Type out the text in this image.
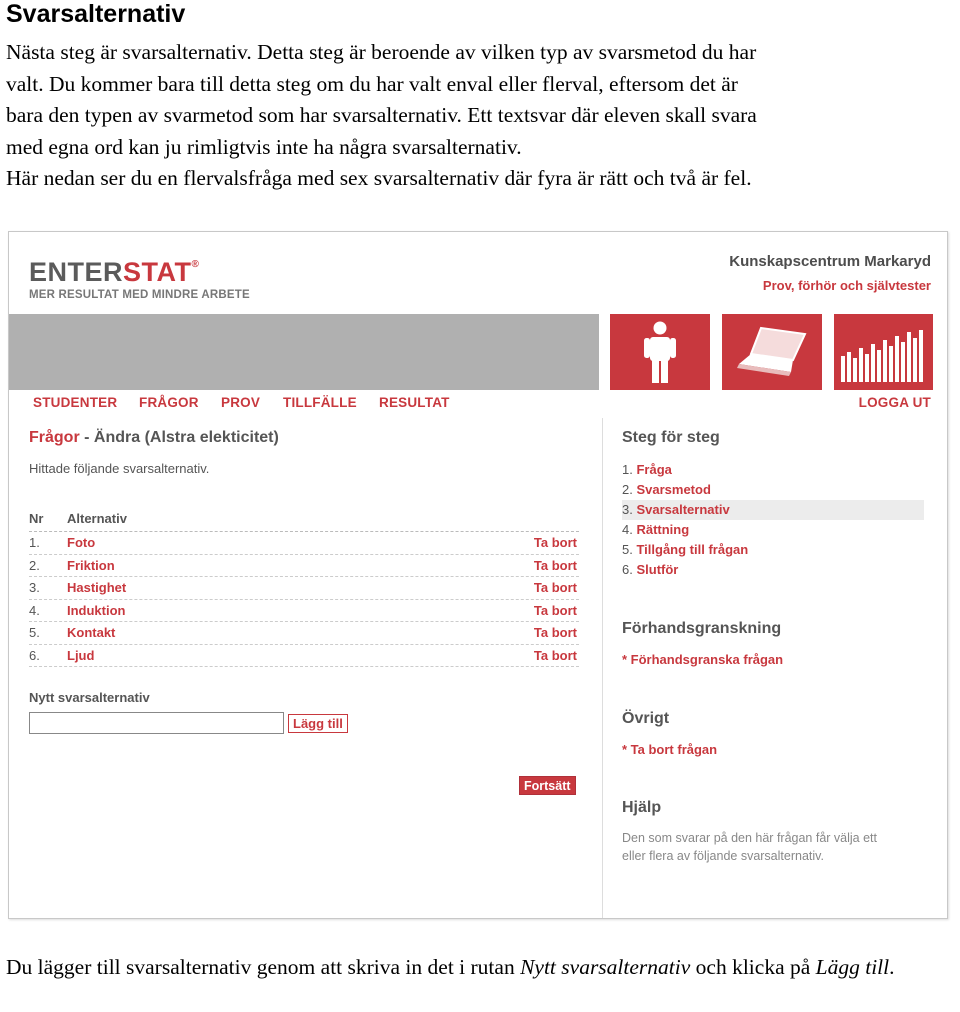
Svarsalternativ
Nästa steg är svarsalternativ. Detta steg är beroende av vilken typ av svarsmetod du har
valt. Du kommer bara till detta steg om du har valt enval eller flerval, eftersom det är
bara den typen av svarmetod som har svarsalternativ. Ett textsvar där eleven skall svara
med egna ord kan ju rimligtvis inte ha några svarsalternativ.
Här nedan ser du en flervalsfråga med sex svarsalternativ där fyra är rätt och två är fel.
ENTERSTAT®
MER RESULTAT MED MINDRE ARBETE
Kunskapscentrum Markaryd
Prov, förhör och självtester
STUDENTER FRÅGOR PROV TILLFÄLLE RESULTAT	LOGGA UT
Frågor - Ändra (Alstra elekticitet)
Hittade följande svarsalternativ.
Nr Alternativ
1. Foto	Ta bort
2. Friktion	Ta bort
3. Hastighet	Ta bort
4. Induktion	Ta bort
5. Kontakt	Ta bort
6. Ljud	Ta bort
Nytt svarsalternativ
Lägg till
Fortsätt
Steg för steg
1. Fråga
2. Svarsmetod
3. Svarsalternativ
4. Rättning
5. Tillgång till frågan
6. Slutför
Förhandsgranskning
* Förhandsgranska frågan
Övrigt
* Ta bort frågan
Hjälp
Den som svarar på den här frågan får välja ett
eller flera av följande svarsalternativ.
Du lägger till svarsalternativ genom att skriva in det i rutan Nytt svarsalternativ och klicka på Lägg till.
